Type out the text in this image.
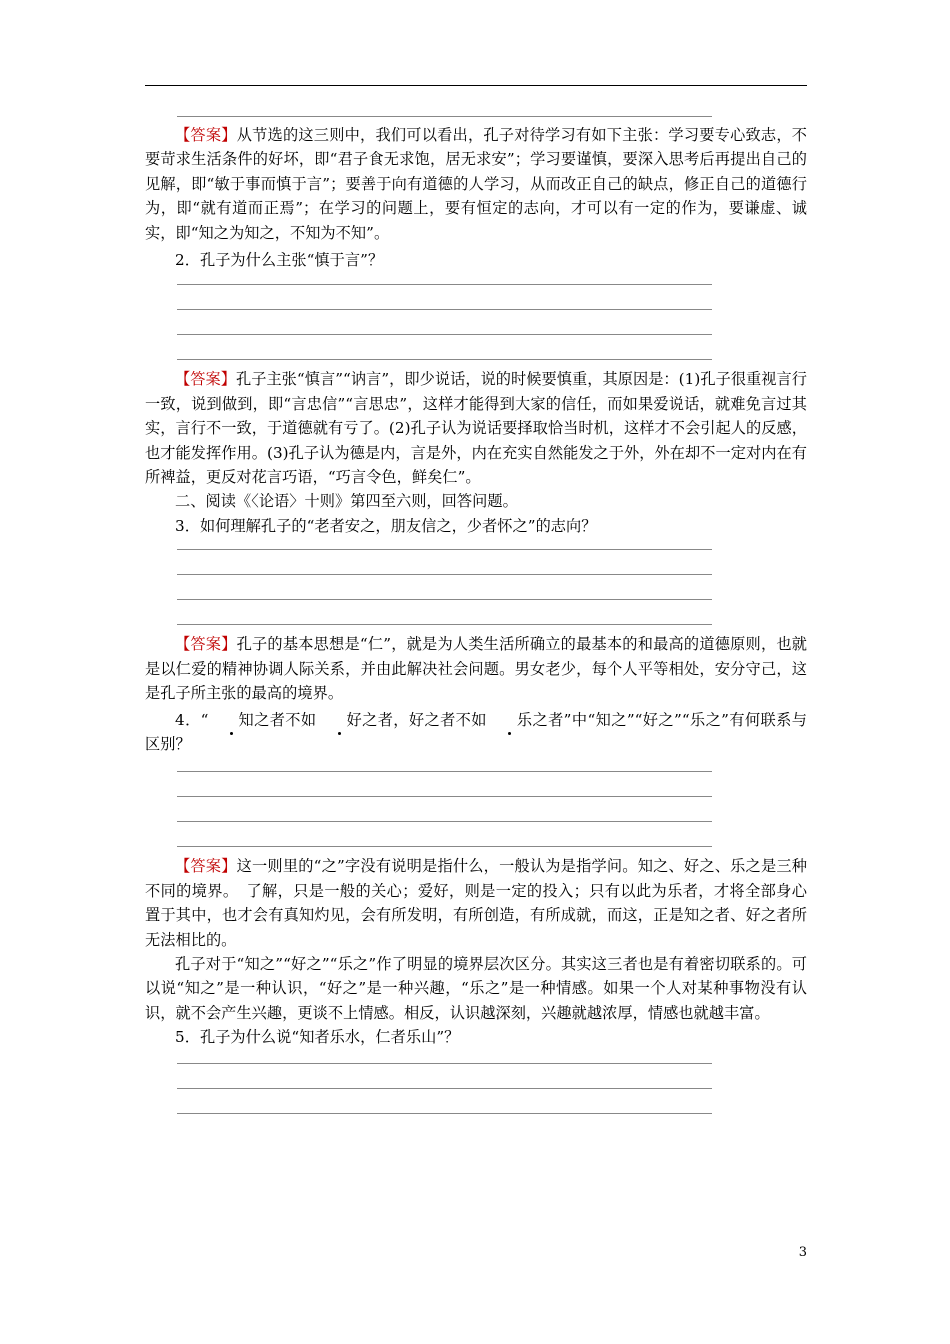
【答案】从节选的这三则中，我们可以看出，孔子对待学习有如下主张：学习要专心致志，不要苛求生活条件的好坏，即“君子食无求饱，居无求安”；学习要谨慎，要深入思考后再提出自己的见解，即“敏于事而慎于言”；要善于向有道德的人学习，从而改正自己的缺点，修正自己的道德行为，即“就有道而正焉”；在学习的问题上，要有恒定的志向，才可以有一定的作为，要谦虚、诚实，即“知之为知之，不知为不知”。
2．孔子为什么主张“慎于言”？
【答案】孔子主张“慎言”“讷言”，即少说话，说的时候要慎重，其原因是：(1)孔子很重视言行一致，说到做到，即“言忠信”“言思忠”，这样才能得到大家的信任，而如果爱说话，就难免言过其实，言行不一致，于道德就有亏了。(2)孔子认为说话要择取恰当时机，这样才不会引起人的反感，也才能发挥作用。(3)孔子认为德是内，言是外，内在充实自然能发之于外，外在却不一定对内在有所裨益，更反对花言巧语，“巧言令色，鲜矣仁”。
二、阅读《〈论语〉十则》第四至六则，回答问题。
3．如何理解孔子的“老者安之，朋友信之，少者怀之”的志向？
【答案】孔子的基本思想是“仁”，就是为人类生活所确立的最基本的和最高的道德原则，也就是以仁爱的精神协调人际关系，并由此解决社会问题。男女老少，每个人平等相处，安分守己，这是孔子所主张的最高的境界。
4．“ 知之者不如 好之者，好之者不如 乐之者”中“知之”“好之”“乐之”有何联系与区别？
【答案】这一则里的“之”字没有说明是指什么，一般认为是指学问。知之、好之、乐之是三种不同的境界。　了解，只是一般的关心；爱好，则是一定的投入；只有以此为乐者，才将全部身心置于其中，也才会有真知灼见，会有所发明，有所创造，有所成就，而这，正是知之者、好之者所无法相比的。
孔子对于“知之”“好之”“乐之”作了明显的境界层次区分。其实这三者也是有着密切联系的。可以说“知之”是一种认识，“好之”是一种兴趣，“乐之”是一种情感。如果一个人对某种事物没有认识，就不会产生兴趣，更谈不上情感。相反，认识越深刻，兴趣就越浓厚，情感也就越丰富。
5．孔子为什么说“知者乐水，仁者乐山”？
3
